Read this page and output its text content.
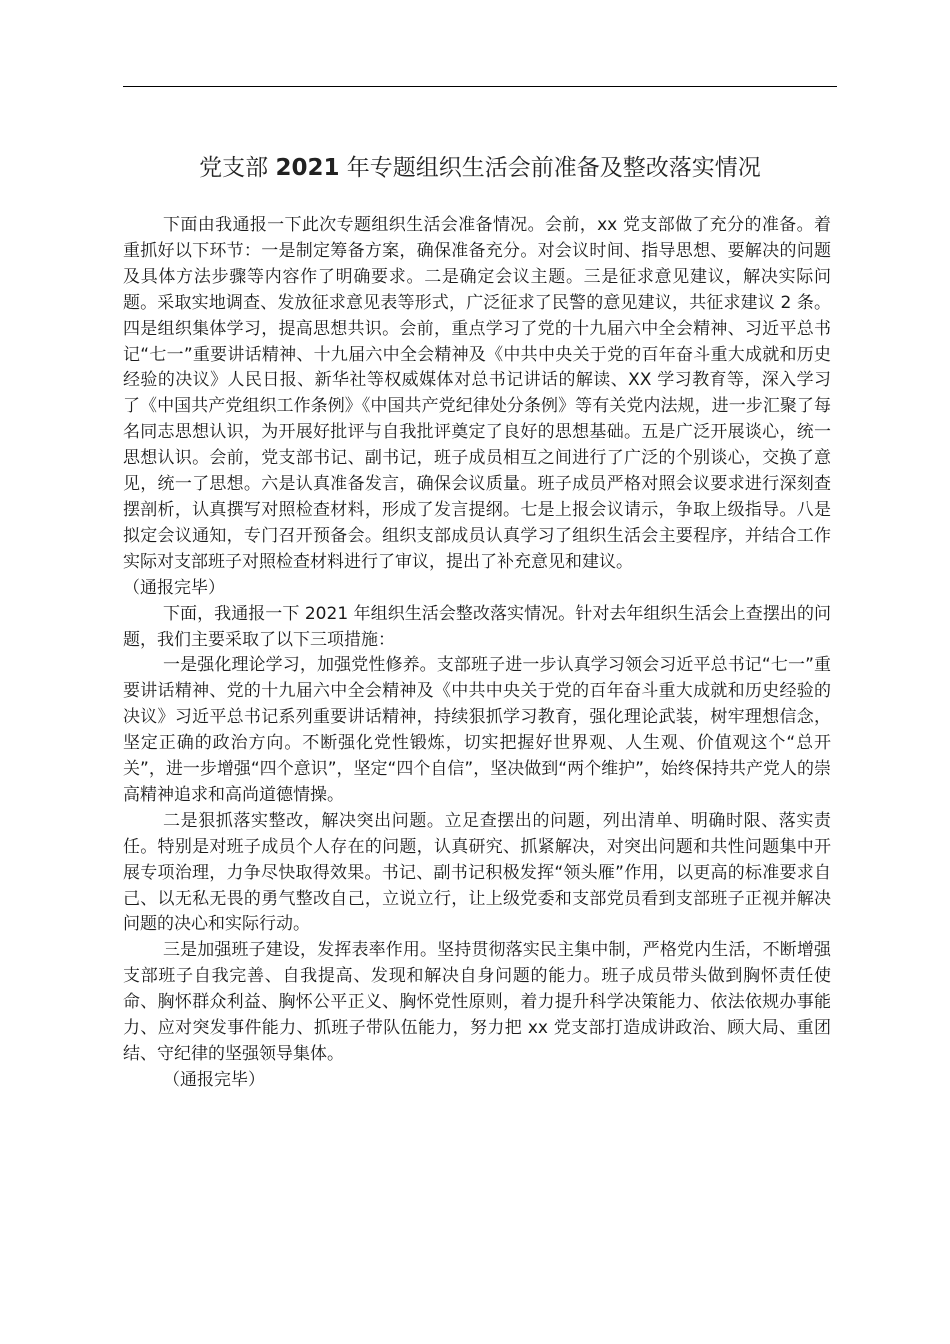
党支部 2021 年专题组织生活会前准备及整改落实情况

下面由我通报一下此次专题组织生活会准备情况。会前，xx 党支部做了充分的准备。着重抓好以下环节：一是制定筹备方案，确保准备充分。对会议时间、指导思想、要解决的问题及具体方法步骤等内容作了明确要求。二是确定会议主题。三是征求意见建议，解决实际问题。采取实地调查、发放征求意见表等形式，广泛征求了民警的意见建议，共征求建议 2 条。四是组织集体学习，提高思想共识。会前，重点学习了党的十九届六中全会精神、习近平总书记“七一”重要讲话精神、十九届六中全会精神及《中共中央关于党的百年奋斗重大成就和历史经验的决议》人民日报、新华社等权威媒体对总书记讲话的解读、XX 学习教育等，深入学习了《中国共产党组织工作条例》《中国共产党纪律处分条例》等有关党内法规，进一步汇聚了每名同志思想认识，为开展好批评与自我批评奠定了良好的思想基础。五是广泛开展谈心，统一思想认识。会前，党支部书记、副书记，班子成员相互之间进行了广泛的个别谈心，交换了意见，统一了思想。六是认真准备发言，确保会议质量。班子成员严格对照会议要求进行深刻查摆剖析，认真撰写对照检查材料，形成了发言提纲。七是上报会议请示，争取上级指导。八是拟定会议通知，专门召开预备会。组织支部成员认真学习了组织生活会主要程序，并结合工作实际对支部班子对照检查材料进行了审议，提出了补充意见和建议。

（通报完毕）

下面，我通报一下 2021 年组织生活会整改落实情况。针对去年组织生活会上查摆出的问题，我们主要采取了以下三项措施：

一是强化理论学习，加强党性修养。支部班子进一步认真学习领会习近平总书记“七一”重要讲话精神、党的十九届六中全会精神及《中共中央关于党的百年奋斗重大成就和历史经验的决议》习近平总书记系列重要讲话精神，持续狠抓学习教育，强化理论武装，树牢理想信念，坚定正确的政治方向。不断强化党性锻炼，切实把握好世界观、人生观、价值观这个“总开关”，进一步增强“四个意识”，坚定“四个自信”，坚决做到“两个维护”，始终保持共产党人的崇高精神追求和高尚道德情操。

二是狠抓落实整改，解决突出问题。立足查摆出的问题，列出清单、明确时限、落实责任。特别是对班子成员个人存在的问题，认真研究、抓紧解决，对突出问题和共性问题集中开展专项治理，力争尽快取得效果。书记、副书记积极发挥“领头雁”作用，以更高的标准要求自己、以无私无畏的勇气整改自己，立说立行，让上级党委和支部党员看到支部班子正视并解决问题的决心和实际行动。

三是加强班子建设，发挥表率作用。坚持贯彻落实民主集中制，严格党内生活，不断增强支部班子自我完善、自我提高、发现和解决自身问题的能力。班子成员带头做到胸怀责任使命、胸怀群众利益、胸怀公平正义、胸怀党性原则，着力提升科学决策能力、依法依规办事能力、应对突发事件能力、抓班子带队伍能力，努力把 xx 党支部打造成讲政治、顾大局、重团结、守纪律的坚强领导集体。

（通报完毕）
